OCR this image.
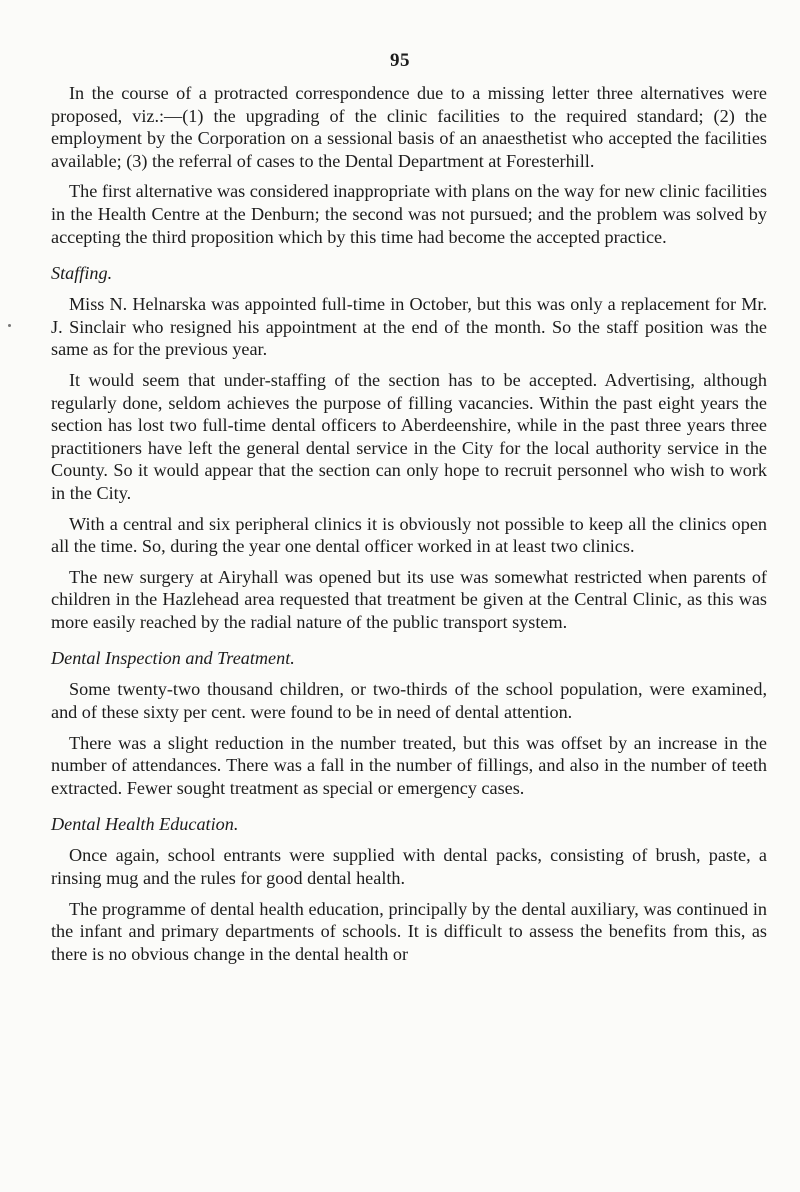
95

In the course of a protracted correspondence due to a missing letter three alternatives were proposed, viz.:—(1) the upgrading of the clinic facilities to the required standard; (2) the employment by the Corporation on a sessional basis of an anaesthetist who accepted the facilities available; (3) the referral of cases to the Dental Department at Foresterhill.

The first alternative was considered inappropriate with plans on the way for new clinic facilities in the Health Centre at the Denburn; the second was not pursued; and the problem was solved by accepting the third proposition which by this time had become the accepted practice.

Staffing.

Miss N. Helnarska was appointed full-time in October, but this was only a replacement for Mr. J. Sinclair who resigned his appointment at the end of the month. So the staff position was the same as for the previous year.

It would seem that under-staffing of the section has to be accepted. Advertising, although regularly done, seldom achieves the purpose of filling vacancies. Within the past eight years the section has lost two full-time dental officers to Aberdeenshire, while in the past three years three practitioners have left the general dental service in the City for the local authority service in the County. So it would appear that the section can only hope to recruit personnel who wish to work in the City.

With a central and six peripheral clinics it is obviously not possible to keep all the clinics open all the time. So, during the year one dental officer worked in at least two clinics.

The new surgery at Airyhall was opened but its use was somewhat restricted when parents of children in the Hazlehead area requested that treatment be given at the Central Clinic, as this was more easily reached by the radial nature of the public transport system.

Dental Inspection and Treatment.

Some twenty-two thousand children, or two-thirds of the school population, were examined, and of these sixty per cent. were found to be in need of dental attention.

There was a slight reduction in the number treated, but this was offset by an increase in the number of attendances. There was a fall in the number of fillings, and also in the number of teeth extracted. Fewer sought treatment as special or emergency cases.

Dental Health Education.

Once again, school entrants were supplied with dental packs, consisting of brush, paste, a rinsing mug and the rules for good dental health.

The programme of dental health education, principally by the dental auxiliary, was continued in the infant and primary departments of schools. It is difficult to assess the benefits from this, as there is no obvious change in the dental health or
